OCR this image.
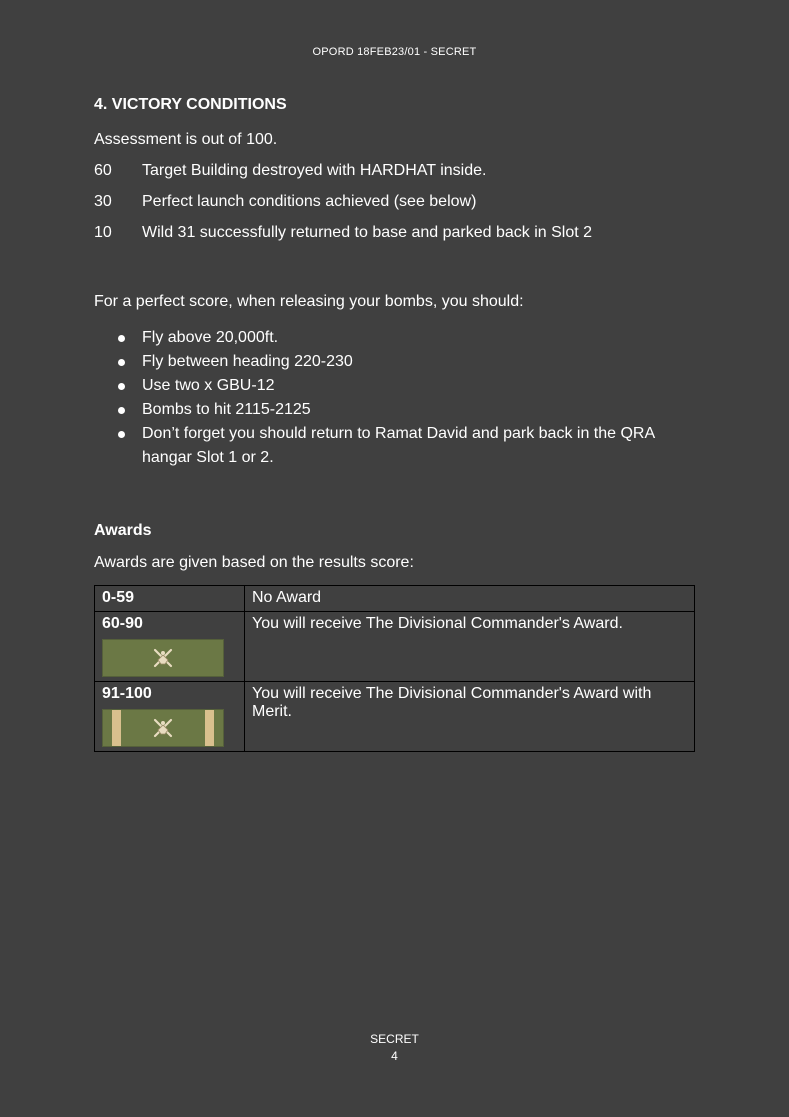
OPORD 18FEB23/01 - SECRET

4. VICTORY CONDITIONS

Assessment is out of 100.

60	Target Building destroyed with HARDHAT inside.
30	Perfect launch conditions achieved (see below)
10	Wild 31 successfully returned to base and parked back in Slot 2

For a perfect score, when releasing your bombs, you should:

Fly above 20,000ft.
Fly between heading 220-230
Use two x GBU-12
Bombs to hit 2115-2125
Don’t forget you should return to Ramat David and park back in the QRA hangar Slot 1 or 2.

Awards

Awards are given based on the results score:

0-59	No Award

60-90	You will receive The Divisional Commander's Award.

91-100	You will receive The Divisional Commander's Award with Merit.
SECRET
4
